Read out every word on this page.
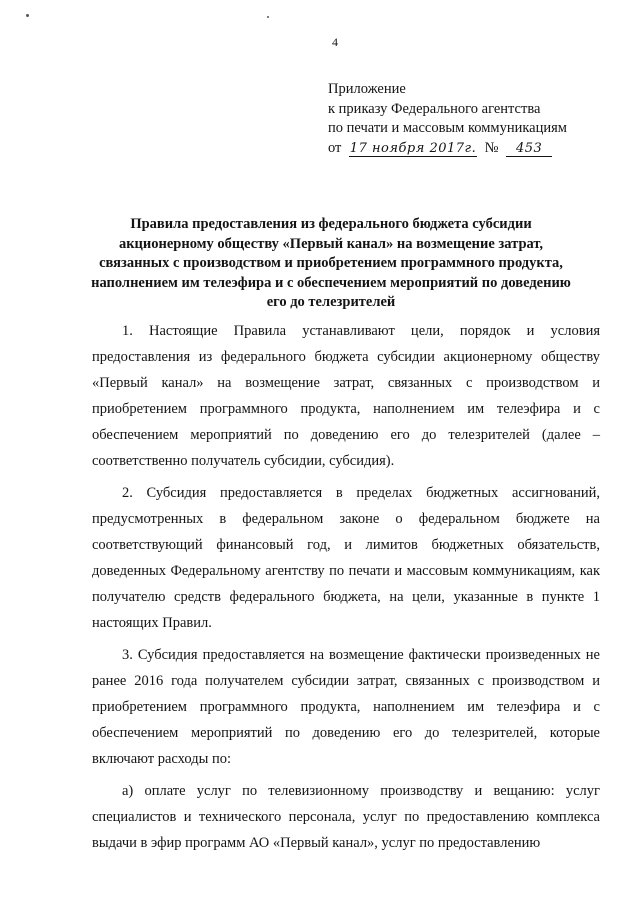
4
Приложение
к приказу Федерального агентства
по печати и массовым коммуникациям
от 17 ноября 2017г. № 453
Правила предоставления из федерального бюджета субсидии акционерному обществу «Первый канал» на возмещение затрат, связанных с производством и приобретением программного продукта, наполнением им телеэфира и с обеспечением мероприятий по доведению его до телезрителей

1. Настоящие Правила устанавливают цели, порядок и условия предоставления из федерального бюджета субсидии акционерному обществу «Первый канал» на возмещение затрат, связанных с производством и приобретением программного продукта, наполнением им телеэфира и с обеспечением мероприятий по доведению его до телезрителей (далее – соответственно получатель субсидии, субсидия).

2. Субсидия предоставляется в пределах бюджетных ассигнований, предусмотренных в федеральном законе о федеральном бюджете на соответствующий финансовый год, и лимитов бюджетных обязательств, доведенных Федеральному агентству по печати и массовым коммуникациям, как получателю средств федерального бюджета, на цели, указанные в пункте 1 настоящих Правил.

3. Субсидия предоставляется на возмещение фактически произведенных не ранее 2016 года получателем субсидии затрат, связанных с производством и приобретением программного продукта, наполнением им телеэфира и с обеспечением мероприятий по доведению его до телезрителей, которые включают расходы по:

а) оплате услуг по телевизионному производству и вещанию: услуг специалистов и технического персонала, услуг по предоставлению комплекса выдачи в эфир программ АО «Первый канал», услуг по предоставлению
